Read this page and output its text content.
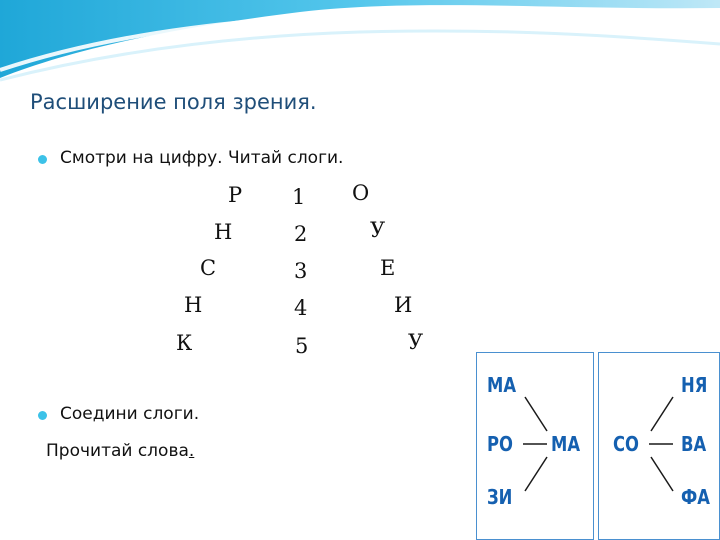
Расширение поля зрения.
Смотри на цифру. Читай слоги.
Р
Н
С
Н
К
1
2
3
4
5
О
У
Е
И
У
Соедини слоги.
Прочитай слова.
МА
РО МА
ЗИ
СО
НЯ
ВА
ФА
